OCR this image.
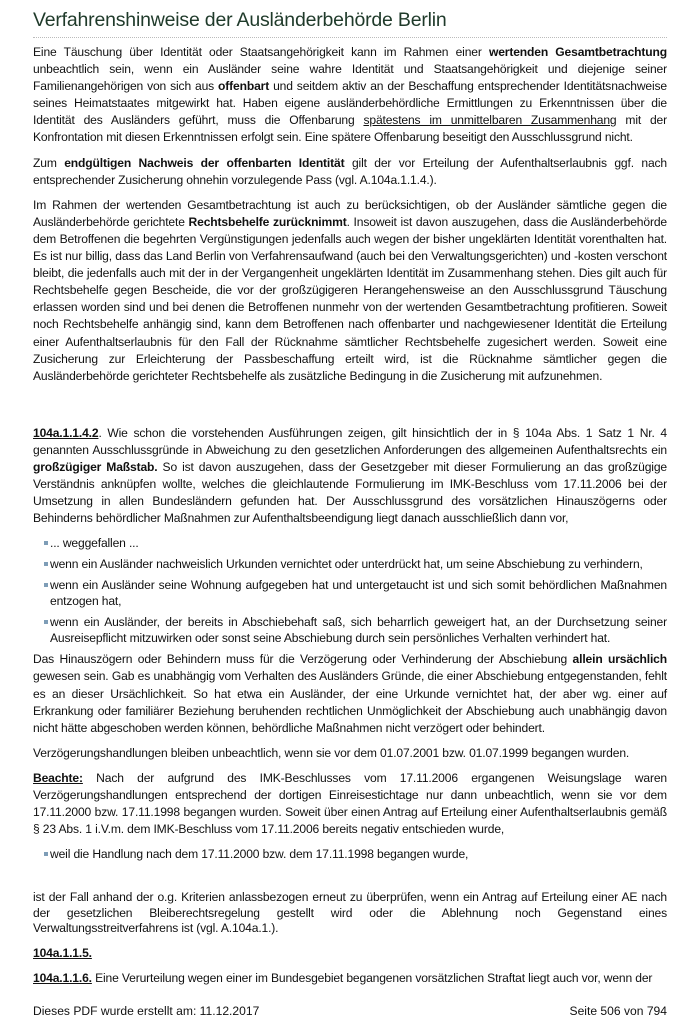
Verfahrenshinweise der Ausländerbehörde Berlin

Eine Täuschung über Identität oder Staatsangehörigkeit kann im Rahmen einer wertenden Gesamtbetrachtung unbeachtlich sein, wenn ein Ausländer seine wahre Identität und Staatsangehörigkeit und diejenige seiner Familienangehörigen von sich aus offenbart und seitdem aktiv an der Beschaffung entsprechender Identitätsnachweise seines Heimatstaates mitgewirkt hat. Haben eigene ausländerbehördliche Ermittlungen zu Erkenntnissen über die Identität des Ausländers geführt, muss die Offenbarung spätestens im unmittelbaren Zusammenhang mit der Konfrontation mit diesen Erkenntnissen erfolgt sein. Eine spätere Offenbarung beseitigt den Ausschlussgrund nicht.

Zum endgültigen Nachweis der offenbarten Identität gilt der vor Erteilung der Aufenthaltserlaubnis ggf. nach entsprechender Zusicherung ohnehin vorzulegende Pass (vgl. A.104a.1.1.4.).

Im Rahmen der wertenden Gesamtbetrachtung ist auch zu berücksichtigen, ob der Ausländer sämtliche gegen die Ausländerbehörde gerichtete Rechtsbehelfe zurücknimmt. Insoweit ist davon auszugehen, dass die Ausländerbehörde dem Betroffenen die begehrten Vergünstigungen jedenfalls auch wegen der bisher ungeklärten Identität vorenthalten hat. Es ist nur billig, dass das Land Berlin von Verfahrensaufwand (auch bei den Verwaltungsgerichten) und -kosten verschont bleibt, die jedenfalls auch mit der in der Vergangenheit ungeklärten Identität im Zusammenhang stehen. Dies gilt auch für Rechtsbehelfe gegen Bescheide, die vor der großzügigeren Herangehensweise an den Ausschlussgrund Täuschung erlassen worden sind und bei denen die Betroffenen nunmehr von der wertenden Gesamtbetrachtung profitieren. Soweit noch Rechtsbehelfe anhängig sind, kann dem Betroffenen nach offenbarter und nachgewiesener Identität die Erteilung einer Aufenthaltserlaubnis für den Fall der Rücknahme sämtlicher Rechtsbehelfe zugesichert werden. Soweit eine Zusicherung zur Erleichterung der Passbeschaffung erteilt wird, ist die Rücknahme sämtlicher gegen die Ausländerbehörde gerichteter Rechtsbehelfe als zusätzliche Bedingung in die Zusicherung mit aufzunehmen.

104a.1.1.4.2. Wie schon die vorstehenden Ausführungen zeigen, gilt hinsichtlich der in § 104a Abs. 1 Satz 1 Nr. 4 genannten Ausschlussgründe in Abweichung zu den gesetzlichen Anforderungen des allgemeinen Aufenthaltsrechts ein großzügiger Maßstab. So ist davon auszugehen, dass der Gesetzgeber mit dieser Formulierung an das großzügige Verständnis anknüpfen wollte, welches die gleichlautende Formulierung im IMK-Beschluss vom 17.11.2006 bei der Umsetzung in allen Bundesländern gefunden hat. Der Ausschlussgrund des vorsätzlichen Hinauszögerns oder Behinderns behördlicher Maßnahmen zur Aufenthaltsbeendigung liegt danach ausschließlich dann vor,

... weggefallen ...
wenn ein Ausländer nachweislich Urkunden vernichtet oder unterdrückt hat, um seine Abschiebung zu verhindern,
wenn ein Ausländer seine Wohnung aufgegeben hat und untergetaucht ist und sich somit behördlichen Maßnahmen entzogen hat,
wenn ein Ausländer, der bereits in Abschiebehaft saß, sich beharrlich geweigert hat, an der Durchsetzung seiner Ausreisepflicht mitzuwirken oder sonst seine Abschiebung durch sein persönliches Verhalten verhindert hat.

Das Hinauszögern oder Behindern muss für die Verzögerung oder Verhinderung der Abschiebung allein ursächlich gewesen sein. Gab es unabhängig vom Verhalten des Ausländers Gründe, die einer Abschiebung entgegenstanden, fehlt es an dieser Ursächlichkeit. So hat etwa ein Ausländer, der eine Urkunde vernichtet hat, der aber wg. einer auf Erkrankung oder familiärer Beziehung beruhenden rechtlichen Unmöglichkeit der Abschiebung auch unabhängig davon nicht hätte abgeschoben werden können, behördliche Maßnahmen nicht verzögert oder behindert.

Verzögerungshandlungen bleiben unbeachtlich, wenn sie vor dem 01.07.2001 bzw. 01.07.1999 begangen wurden.

Beachte: Nach der aufgrund des IMK-Beschlusses vom 17.11.2006 ergangenen Weisungslage waren Verzögerungshandlungen entsprechend der dortigen Einreisestichtage nur dann unbeachtlich, wenn sie vor dem 17.11.2000 bzw. 17.11.1998 begangen wurden. Soweit über einen Antrag auf Erteilung einer Aufenthaltserlaubnis gemäß § 23 Abs. 1 i.V.m. dem IMK-Beschluss vom 17.11.2006 bereits negativ entschieden wurde,

weil die Handlung nach dem 17.11.2000 bzw. dem 17.11.1998 begangen wurde,

ist der Fall anhand der o.g. Kriterien anlassbezogen erneut zu überprüfen, wenn ein Antrag auf Erteilung einer AE nach der gesetzlichen Bleiberechtsregelung gestellt wird oder die Ablehnung noch Gegenstand eines Verwaltungsstreitverfahrens ist (vgl. A.104a.1.).

104a.1.1.5.

104a.1.1.6. Eine Verurteilung wegen einer im Bundesgebiet begangenen vorsätzlichen Straftat liegt auch vor, wenn der

Dieses PDF wurde erstellt am: 11.12.2017	Seite 506 von 794
